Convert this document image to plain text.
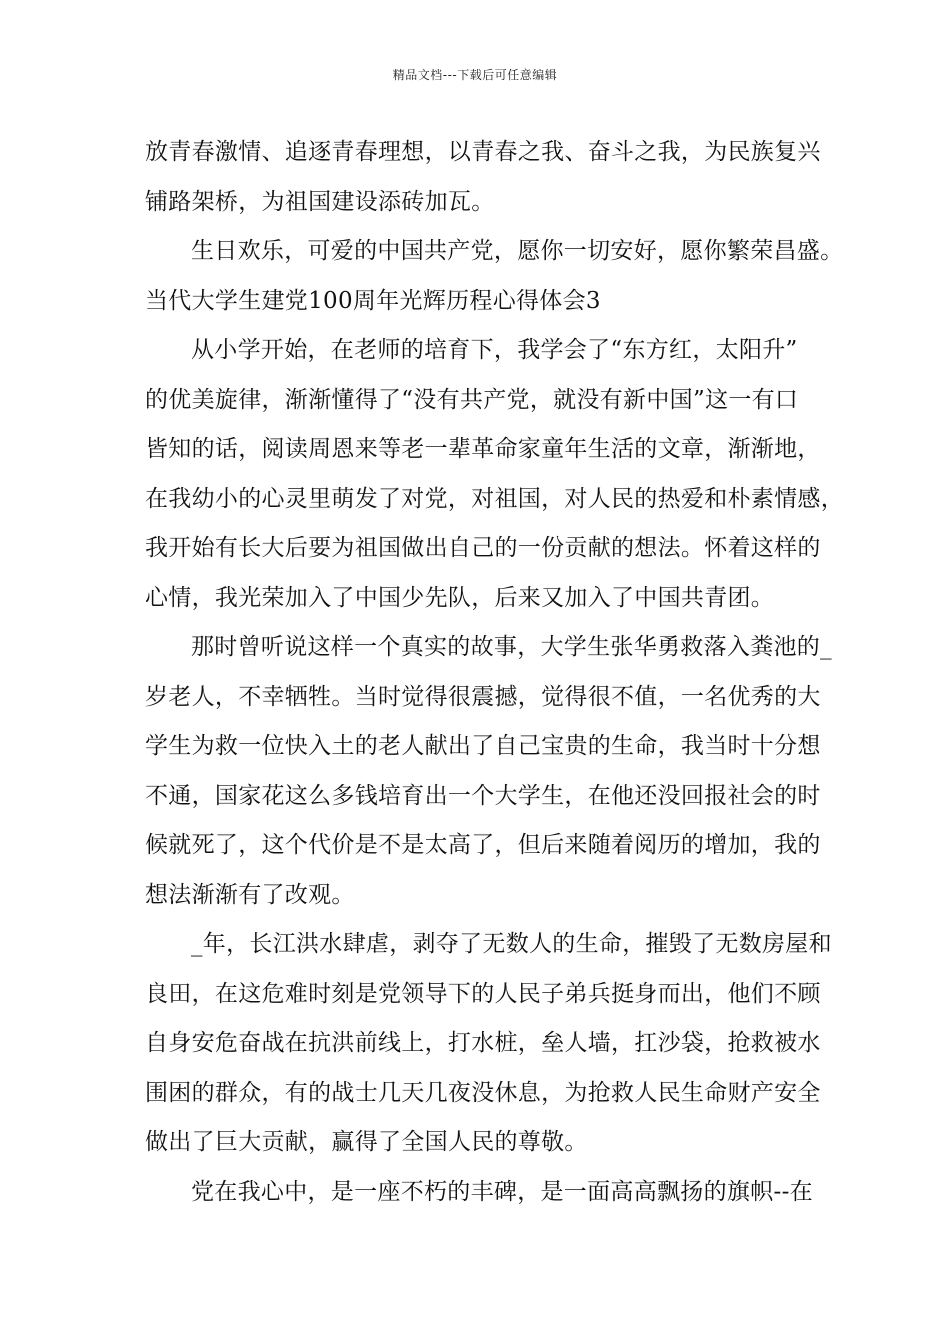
精品文档---下载后可任意编辑
放青春激情、追逐青春理想，以青春之我、奋斗之我，为民族复兴
铺路架桥，为祖国建设添砖加瓦。
生日欢乐，可爱的中国共产党，愿你一切安好，愿你繁荣昌盛。
当代大学生建党100周年光辉历程心得体会3
从小学开始，在老师的培育下，我学会了“东方红，太阳升”
的优美旋律，渐渐懂得了“没有共产党，就没有新中国”这一有口
皆知的话，阅读周恩来等老一辈革命家童年生活的文章，渐渐地，
在我幼小的心灵里萌发了对党，对祖国，对人民的热爱和朴素情感，
我开始有长大后要为祖国做出自己的一份贡献的想法。怀着这样的
心情，我光荣加入了中国少先队，后来又加入了中国共青团。
那时曾听说这样一个真实的故事，大学生张华勇救落入粪池的_
岁老人，不幸牺牲。当时觉得很震撼，觉得很不值，一名优秀的大
学生为救一位快入土的老人献出了自己宝贵的生命，我当时十分想
不通，国家花这么多钱培育出一个大学生，在他还没回报社会的时
候就死了，这个代价是不是太高了，但后来随着阅历的增加，我的
想法渐渐有了改观。
_年，长江洪水肆虐，剥夺了无数人的生命，摧毁了无数房屋和
良田，在这危难时刻是党领导下的人民子弟兵挺身而出，他们不顾
自身安危奋战在抗洪前线上，打水桩，垒人墙，扛沙袋，抢救被水
围困的群众，有的战士几天几夜没休息，为抢救人民生命财产安全
做出了巨大贡献，赢得了全国人民的尊敬。
党在我心中，是一座不朽的丰碑，是一面高高飘扬的旗帜--在
